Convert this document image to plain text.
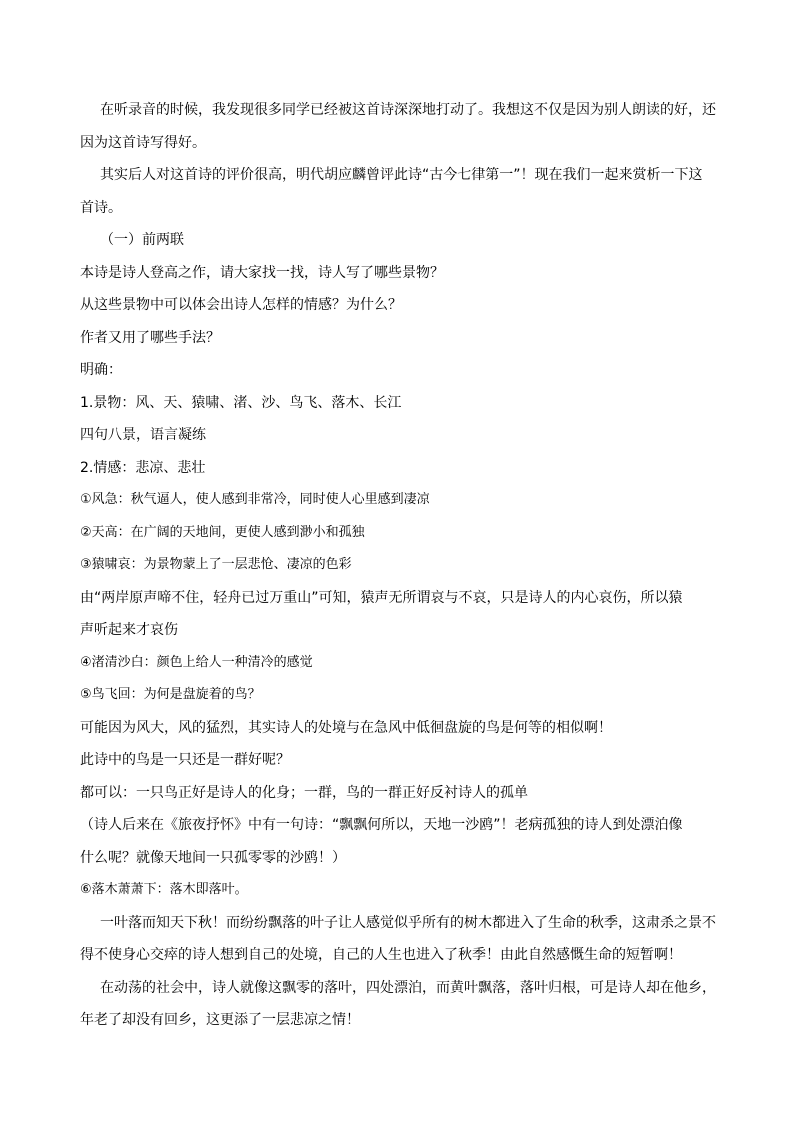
在听录音的时候，我发现很多同学已经被这首诗深深地打动了。我想这不仅是因为别人朗读的好，还
因为这首诗写得好。
其实后人对这首诗的评价很高，明代胡应麟曾评此诗“古今七律第一”！现在我们一起来赏析一下这
首诗。
（一）前两联
本诗是诗人登高之作，请大家找一找，诗人写了哪些景物？
从这些景物中可以体会出诗人怎样的情感？为什么？
作者又用了哪些手法？
明确：
1.景物：风、天、猿啸、渚、沙、鸟飞、落木、长江
四句八景，语言凝练
2.情感：悲凉、悲壮
①风急：秋气逼人，使人感到非常冷，同时使人心里感到凄凉
②天高：在广阔的天地间，更使人感到渺小和孤独
③猿啸哀：为景物蒙上了一层悲怆、凄凉的色彩
由“两岸原声啼不住，轻舟已过万重山”可知，猿声无所谓哀与不哀，只是诗人的内心哀伤，所以猿
声听起来才哀伤
④渚清沙白：颜色上给人一种清冷的感觉
⑤鸟飞回：为何是盘旋着的鸟？
可能因为风大，风的猛烈，其实诗人的处境与在急风中低徊盘旋的鸟是何等的相似啊！
此诗中的鸟是一只还是一群好呢？
都可以：一只鸟正好是诗人的化身；一群，鸟的一群正好反衬诗人的孤单
（诗人后来在《旅夜抒怀》中有一句诗：“飘飘何所以，天地一沙鸥”！老病孤独的诗人到处漂泊像
什么呢？就像天地间一只孤零零的沙鸥！）
⑥落木萧萧下：落木即落叶。
一叶落而知天下秋！而纷纷飘落的叶子让人感觉似乎所有的树木都进入了生命的秋季，这肃杀之景不
得不使身心交瘁的诗人想到自己的处境，自己的人生也进入了秋季！由此自然感慨生命的短暂啊！
在动荡的社会中，诗人就像这飘零的落叶，四处漂泊，而黄叶飘落，落叶归根，可是诗人却在他乡，
年老了却没有回乡，这更添了一层悲凉之情！
